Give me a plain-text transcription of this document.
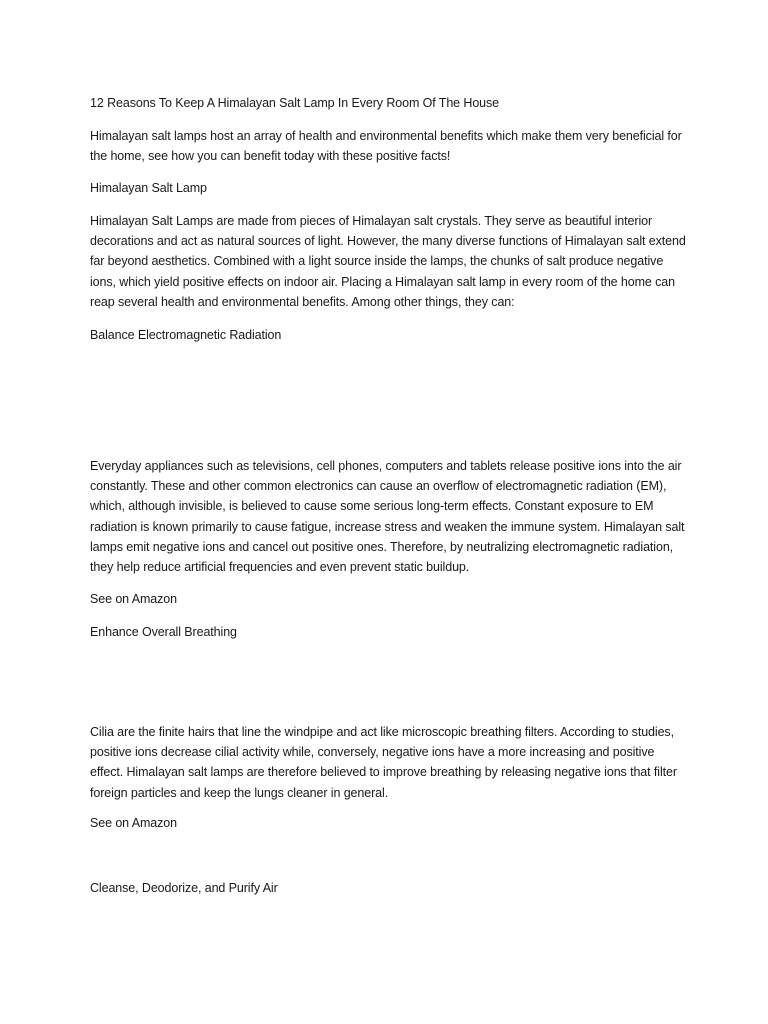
12 Reasons To Keep A Himalayan Salt Lamp In Every Room Of The House

Himalayan salt lamps host an array of health and environmental benefits which make them very beneficial for the home, see how you can benefit today with these positive facts!

Himalayan Salt Lamp

Himalayan Salt Lamps are made from pieces of Himalayan salt crystals. They serve as beautiful interior decorations and act as natural sources of light. However, the many diverse functions of Himalayan salt extend far beyond aesthetics. Combined with a light source inside the lamps, the chunks of salt produce negative ions, which yield positive effects on indoor air. Placing a Himalayan salt lamp in every room of the home can reap several health and environmental benefits. Among other things, they can:

Balance Electromagnetic Radiation

Everyday appliances such as televisions, cell phones, computers and tablets release positive ions into the air constantly. These and other common electronics can cause an overflow of electromagnetic radiation (EM), which, although invisible, is believed to cause some serious long-term effects. Constant exposure to EM radiation is known primarily to cause fatigue, increase stress and weaken the immune system. Himalayan salt lamps emit negative ions and cancel out positive ones. Therefore, by neutralizing electromagnetic radiation, they help reduce artificial frequencies and even prevent static buildup.

See on Amazon

Enhance Overall Breathing

Cilia are the finite hairs that line the windpipe and act like microscopic breathing filters. According to studies, positive ions decrease cilial activity while, conversely, negative ions have a more increasing and positive effect. Himalayan salt lamps are therefore believed to improve breathing by releasing negative ions that filter foreign particles and keep the lungs cleaner in general.

See on Amazon

Cleanse, Deodorize, and Purify Air
